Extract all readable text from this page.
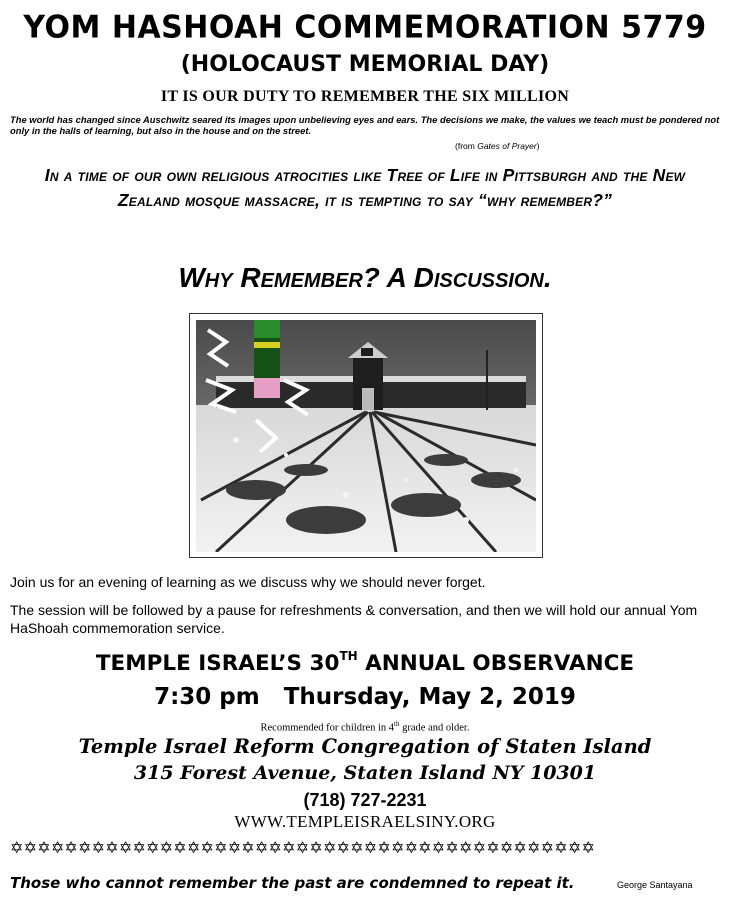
YOM HASHOAH COMMEMORATION 5779
(HOLOCAUST MEMORIAL DAY)
IT IS OUR DUTY TO REMEMBER THE SIX MILLION
The world has changed since Auschwitz seared its images upon unbelieving eyes and ears. The decisions we make, the values we teach must be pondered not only in the halls of learning, but also in the house and on the street.
(from Gates of Prayer)
In a time of our own religious atrocities like Tree of Life in Pittsburgh and the New Zealand mosque massacre, it is tempting to say “why remember?”
Why Remember? A Discussion.
Join us for an evening of learning as we discuss why we should never forget.
The session will be followed by a pause for refreshments & conversation, and then we will hold our annual Yom HaShoah commemoration service.
TEMPLE ISRAEL’S 30TH ANNUAL OBSERVANCE
7:30 pm   Thursday, May 2, 2019
Recommended for children in 4th grade and older.
Temple Israel Reform Congregation of Staten Island
315 Forest Avenue, Staten Island NY 10301
(718) 727-2231
WWW.TEMPLEISRAELSINY.ORG
✡✡✡✡✡✡✡✡✡✡✡✡✡✡✡✡✡✡✡✡✡✡✡✡✡✡✡✡✡✡✡✡✡✡✡✡✡✡✡✡✡✡✡
Those who cannot remember the past are condemned to repeat it.	George Santayana
